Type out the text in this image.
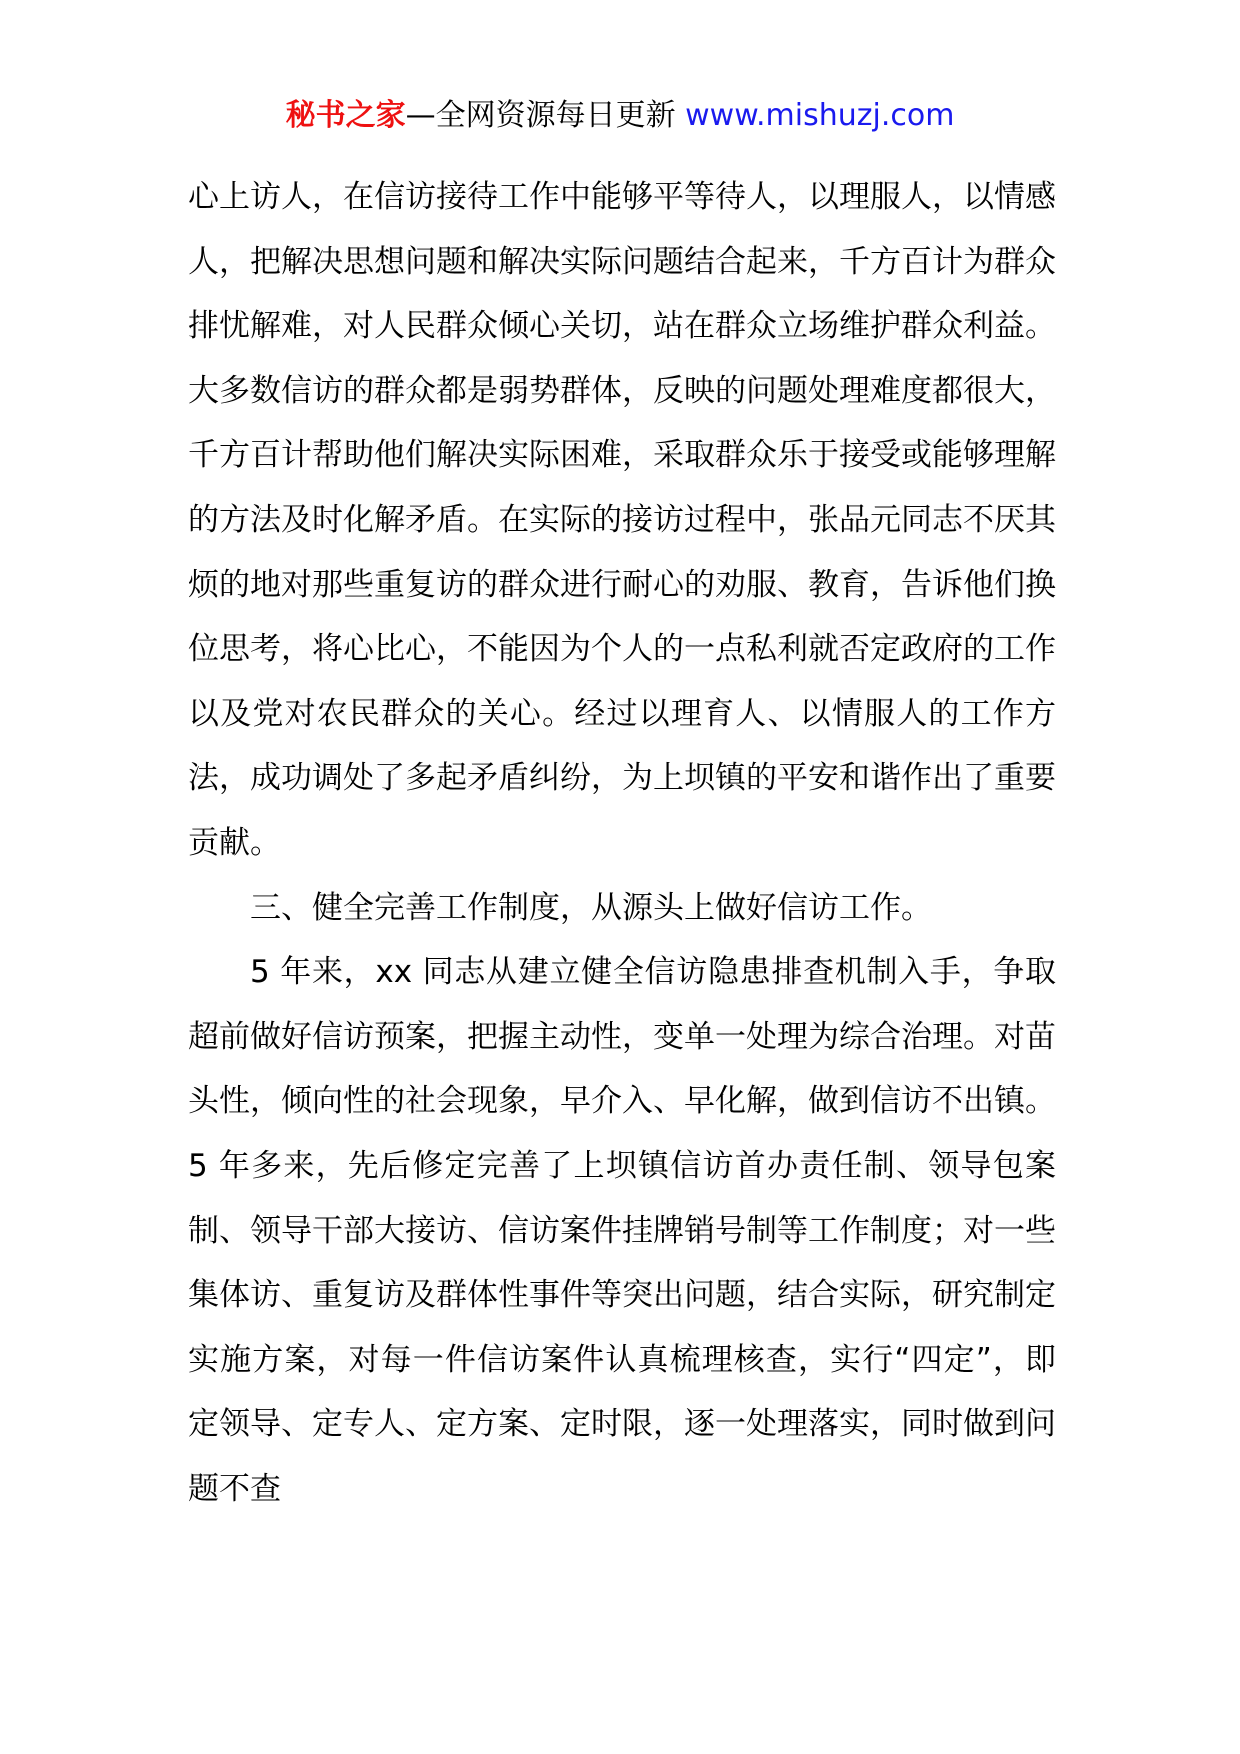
秘书之家—全网资源每日更新 www.mishuzj.com

心上访人，在信访接待工作中能够平等待人，以理服人，以情感人，把解决思想问题和解决实际问题结合起来，千方百计为群众排忧解难，对人民群众倾心关切，站在群众立场维护群众利益。大多数信访的群众都是弱势群体，反映的问题处理难度都很大，千方百计帮助他们解决实际困难，采取群众乐于接受或能够理解的方法及时化解矛盾。在实际的接访过程中，张品元同志不厌其烦的地对那些重复访的群众进行耐心的劝服、教育，告诉他们换位思考，将心比心，不能因为个人的一点私利就否定政府的工作以及党对农民群众的关心。经过以理育人、以情服人的工作方法，成功调处了多起矛盾纠纷，为上坝镇的平安和谐作出了重要贡献。

三、健全完善工作制度，从源头上做好信访工作。

5 年来，xx 同志从建立健全信访隐患排查机制入手，争取超前做好信访预案，把握主动性，变单一处理为综合治理。对苗头性，倾向性的社会现象，早介入、早化解，做到信访不出镇。5 年多来，先后修定完善了上坝镇信访首办责任制、领导包案制、领导干部大接访、信访案件挂牌销号制等工作制度；对一些集体访、重复访及群体性事件等突出问题，结合实际，研究制定实施方案，对每一件信访案件认真梳理核查，实行“四定”，即定领导、定专人、定方案、定时限，逐一处理落实，同时做到问题不查
